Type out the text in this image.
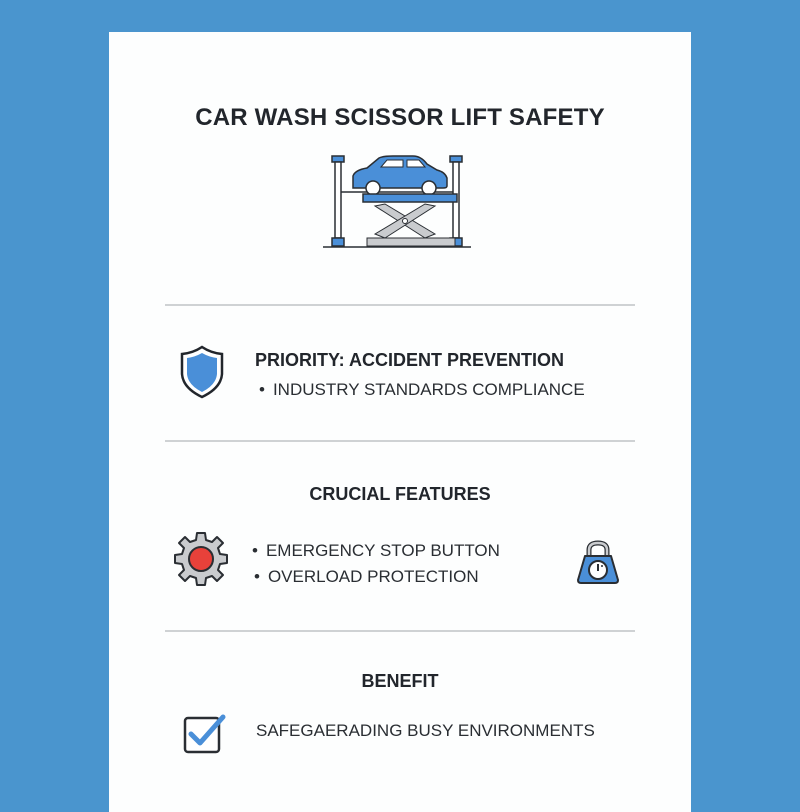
CAR WASH SCISSOR LIFT SAFETY
PRIORITY: ACCIDENT PREVENTION
• INDUSTRY STANDARDS COMPLIANCE
CRUCIAL FEATURES
• EMERGENCY STOP BUTTON
• OVERLOAD PROTECTION
BENEFIT
SAFEGAERADING BUSY ENVIRONMENTS
